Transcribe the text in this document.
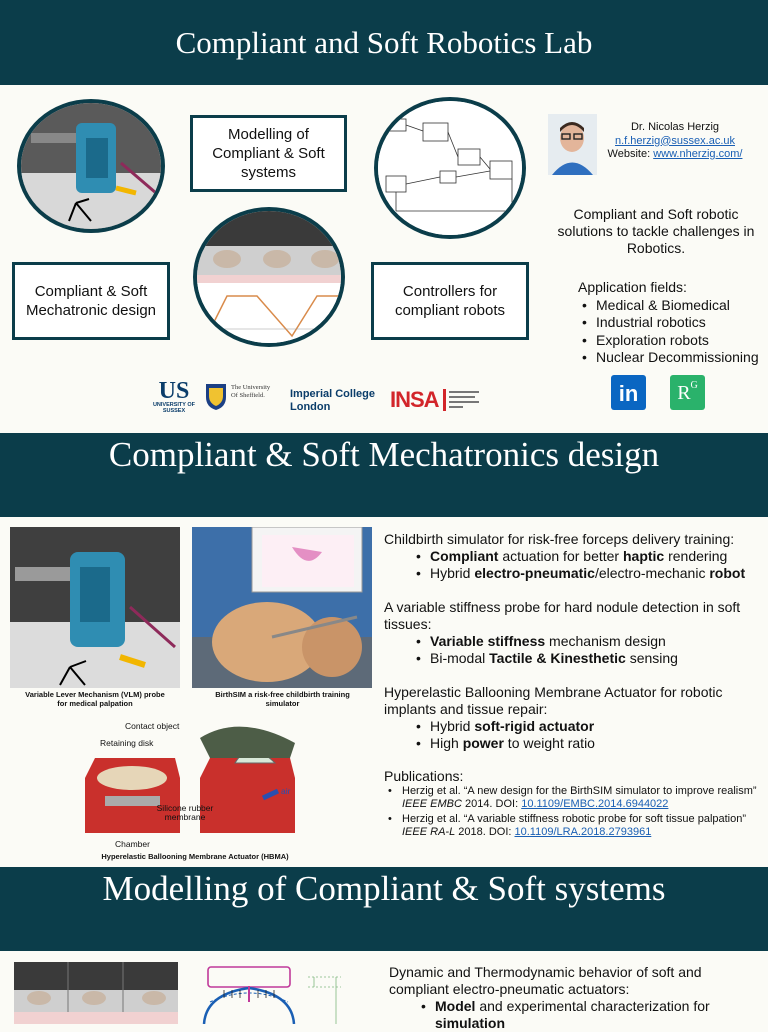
Compliant and Soft Robotics Lab
Modelling of Compliant & Soft systems
Compliant & Soft Mechatronic design
Controllers for compliant robots
Dr. Nicolas Herzig
n.f.herzig@sussex.ac.uk
Website: www.nherzig.com/
Compliant and Soft robotic solutions to tackle challenges in Robotics.
Application fields:
• Medical & Biomedical
• Industrial robotics
• Exploration robots
• Nuclear Decommissioning
US
UNIVERSITY OF SUSSEX
The University Of Sheffield.	Imperial College London	INSA	in	$R^G$
Compliant & Soft Mechatronics design
Variable Lever Mechanism (VLM) probe for medical palpation
BirthSIM a risk-free childbirth training simulator
Contact object
Retaining disk
Silicone rubber membrane
Chamber
air
Hyperelastic Ballooning Membrane Actuator (HBMA)
Childbirth simulator for risk-free forceps delivery training:
• Compliant actuation for better haptic rendering
• Hybrid electro-pneumatic/electro-mechanic robot
A variable stiffness probe for hard nodule detection in soft tissues:
• Variable stiffness mechanism design
• Bi-modal Tactile & Kinesthetic sensing
Hyperelastic Ballooning Membrane Actuator for robotic implants and tissue repair:
• Hybrid soft-rigid actuator
• High power to weight ratio
Publications:
• Herzig et al. “A new design for the BirthSIM simulator to improve realism” IEEE EMBC 2014. DOI: 10.1109/EMBC.2014.6944022
• Herzig et al. “A variable stiffness robotic probe for soft tissue palpation” IEEE RA-L 2018. DOI: 10.1109/LRA.2018.2793961
Modelling of Compliant & Soft systems
Dynamic and Thermodynamic behavior of soft and compliant electro-pneumatic actuators:
• Model and experimental characterization for
simulation
